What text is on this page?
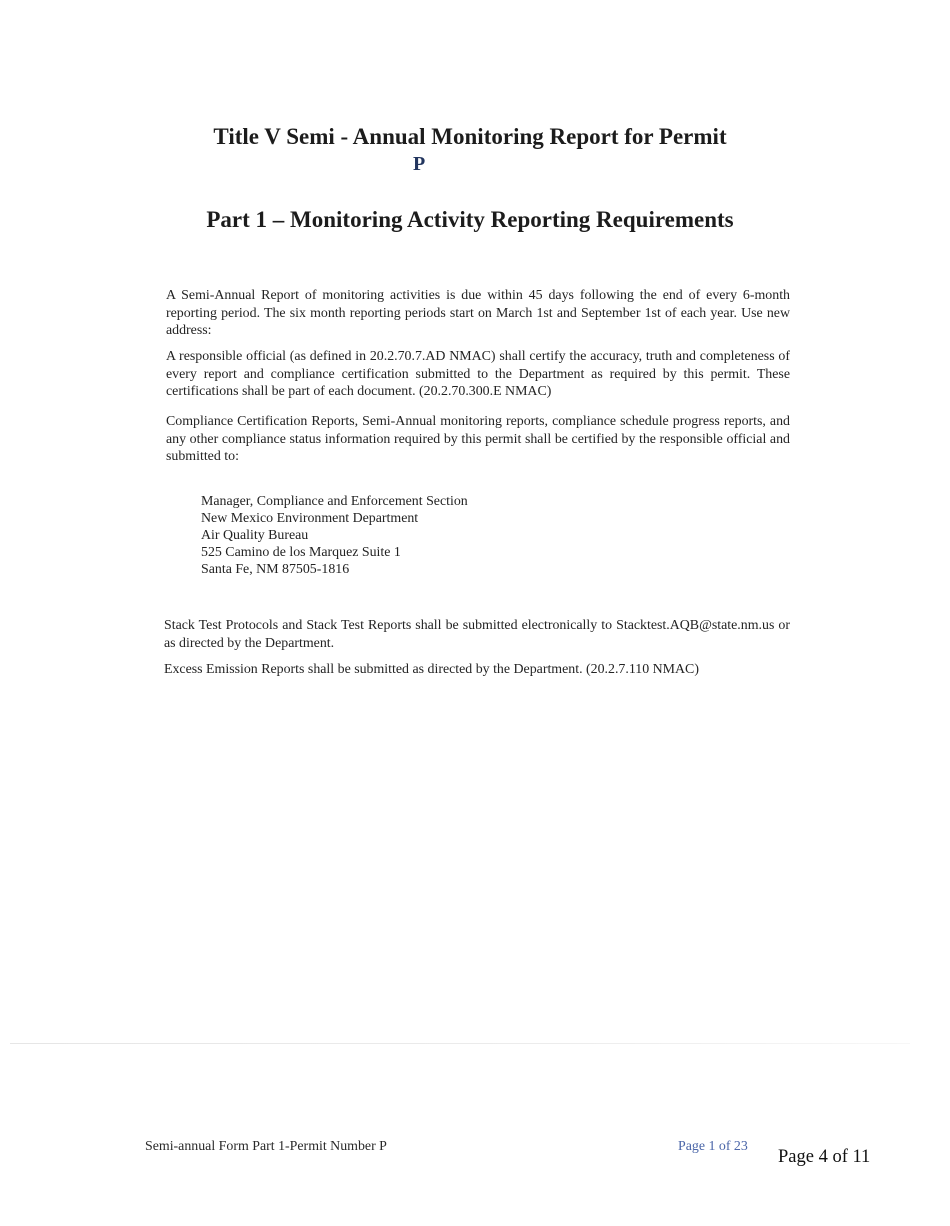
Title V Semi - Annual Monitoring Report for Permit
P
Part 1 – Monitoring Activity Reporting Requirements

A Semi-Annual Report of monitoring activities is due within 45 days following the end of every 6-month reporting period. The six month reporting periods start on March 1st and September 1st of each year. Use new address:

A responsible official (as defined in 20.2.70.7.AD NMAC) shall certify the accuracy, truth and completeness of every report and compliance certification submitted to the Department as required by this permit. These certifications shall be part of each document. (20.2.70.300.E NMAC)

Compliance Certification Reports, Semi-Annual monitoring reports, compliance schedule progress reports, and any other compliance status information required by this permit shall be certified by the responsible official and submitted to:

Manager, Compliance and Enforcement Section
New Mexico Environment Department
Air Quality Bureau
525 Camino de los Marquez Suite 1
Santa Fe, NM 87505-1816

Stack Test Protocols and Stack Test Reports shall be submitted electronically to Stacktest.AQB@state.nm.us or as directed by the Department.

Excess Emission Reports shall be submitted as directed by the Department. (20.2.7.110 NMAC)

Semi-annual Form Part 1-Permit Number P	Page 1 of 23
Page 4 of 11
